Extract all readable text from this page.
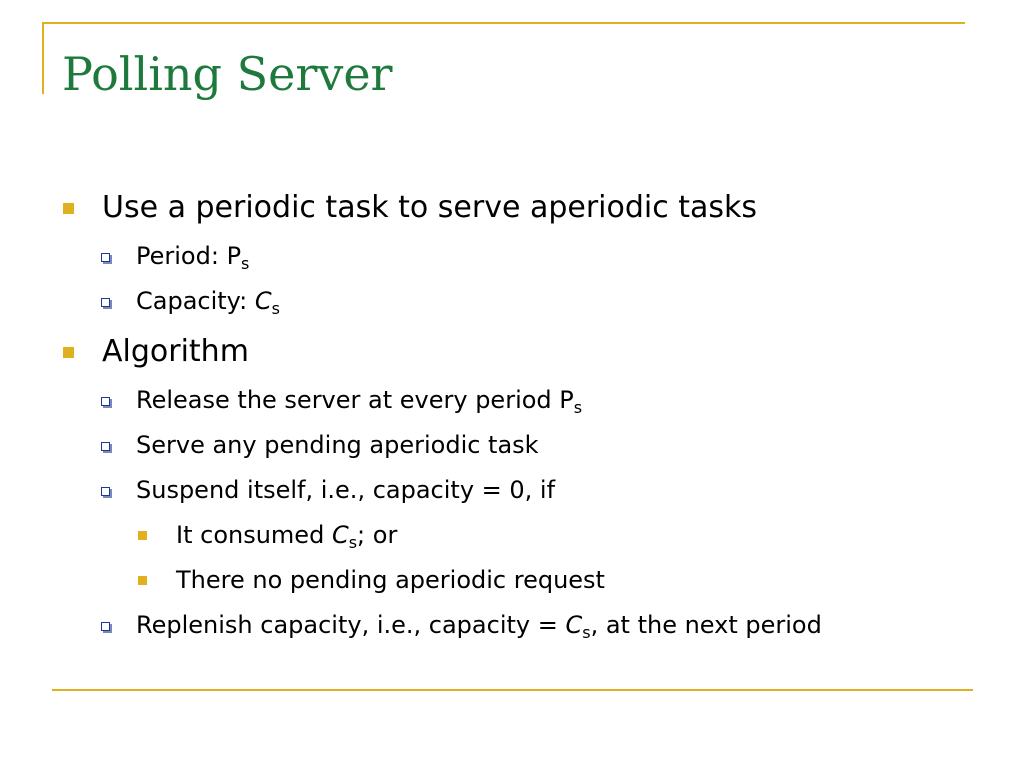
Polling Server
Use a periodic task to serve aperiodic tasks
Period: $P_s$
Capacity: $C_s$
Algorithm
Release the server at every period $P_s$
Serve any pending aperiodic task
Suspend itself, i.e., capacity = 0, if
It consumed $C_s$; or
There no pending aperiodic request
Replenish capacity, i.e., capacity = $C_s$, at the next period
